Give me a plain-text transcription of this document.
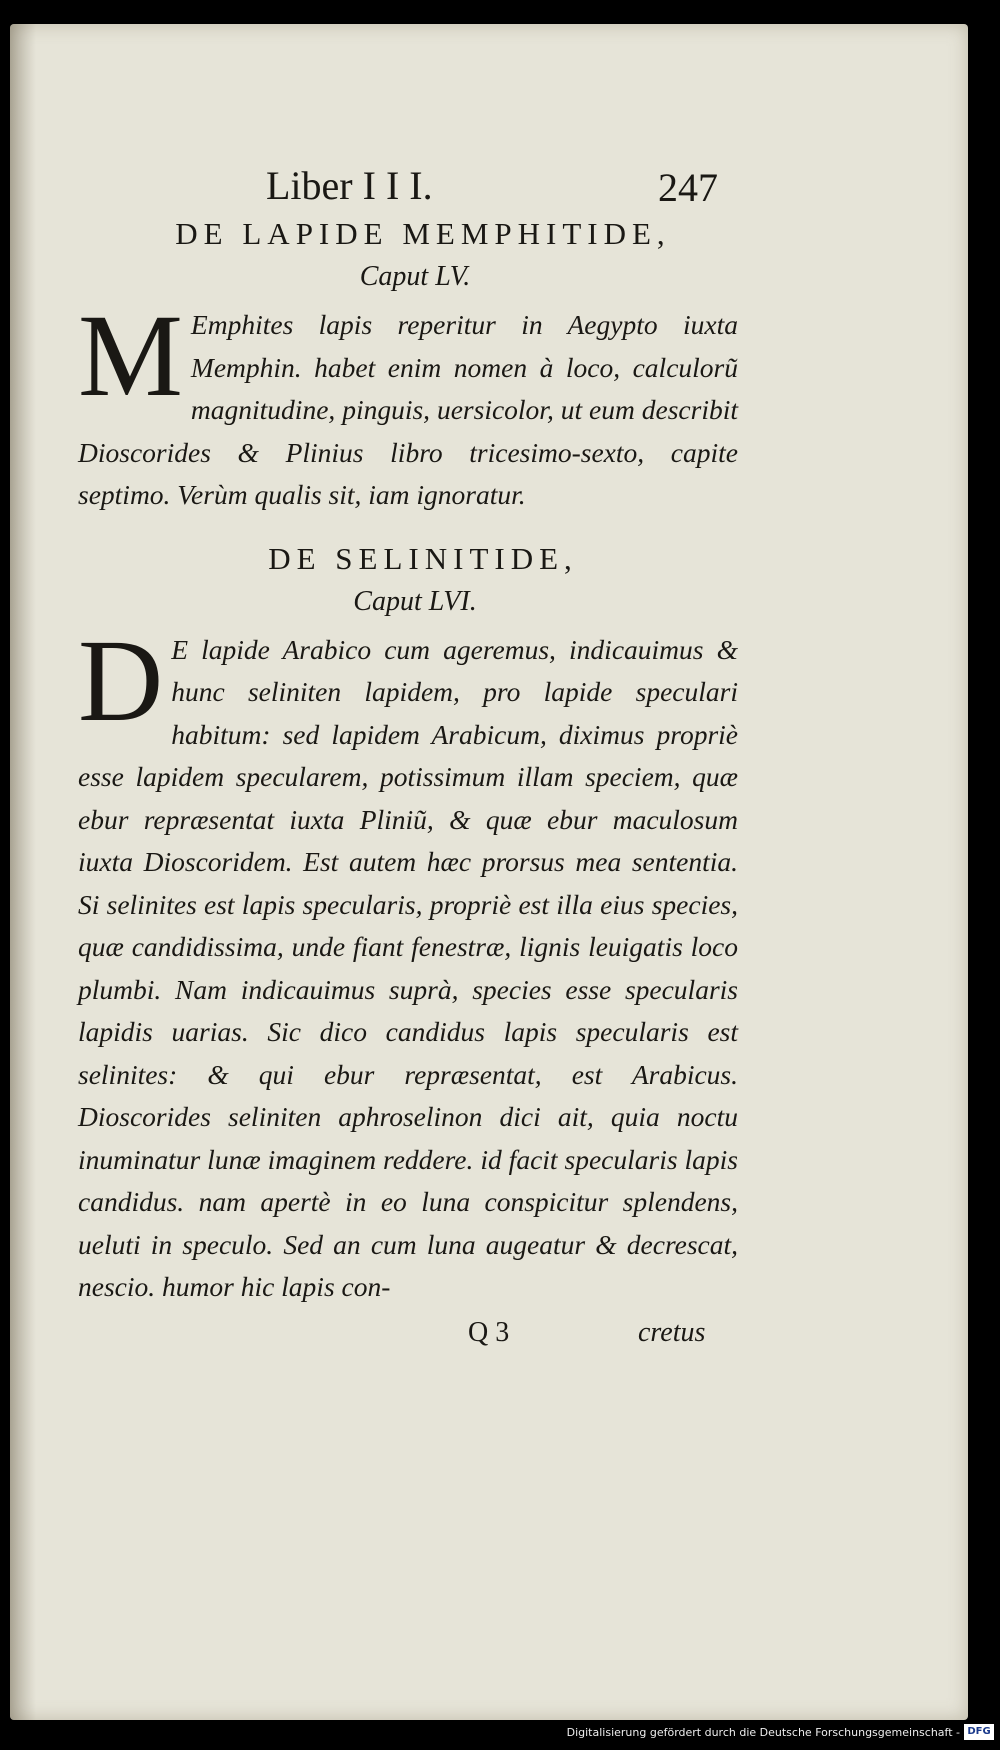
Liber I I I.	247
DE LAPIDE MEMPHITIDE,
Caput LV.
M Emphites lapis reperitur in Aegypto iuxta Memphin. habet enim nomen à loco, calculorũ magnitudine, pinguis, uersicolor, ut eum describit Dioscorides & Plinius libro tricesimo-sexto, capite septimo. Verùm qualis sit, iam ignoratur.
DE SELINITIDE,
Caput LVI.
D E lapide Arabico cum ageremus, indicauimus & hunc seliniten lapidem, pro lapide speculari habitum: sed lapidem Arabicum, diximus propriè esse lapidem specularem, potissimum illam speciem, quæ ebur repræsentat iuxta Pliniũ, & quæ ebur maculosum iuxta Dioscoridem. Est autem hæc prorsus mea sententia. Si selinites est lapis specularis, propriè est illa eius species, quæ candidissima, unde fiant fenestræ, lignis leuigatis loco plumbi. Nam indicauimus suprà, species esse specularis lapidis uarias. Sic dico candidus lapis specularis est selinites: & qui ebur repræsentat, est Arabicus. Dioscorides seliniten aphroselinon dici ait, quia noctu inuminatur lunæ imaginem reddere. id facit specularis lapis candidus. nam apertè in eo luna conspicitur splendens, ueluti in speculo. Sed an cum luna augeatur & decrescat, nescio. humor hic lapis con-
Q 3	cretus
Digitalisierung gefördert durch die Deutsche Forschungsgemeinschaft - DFG
